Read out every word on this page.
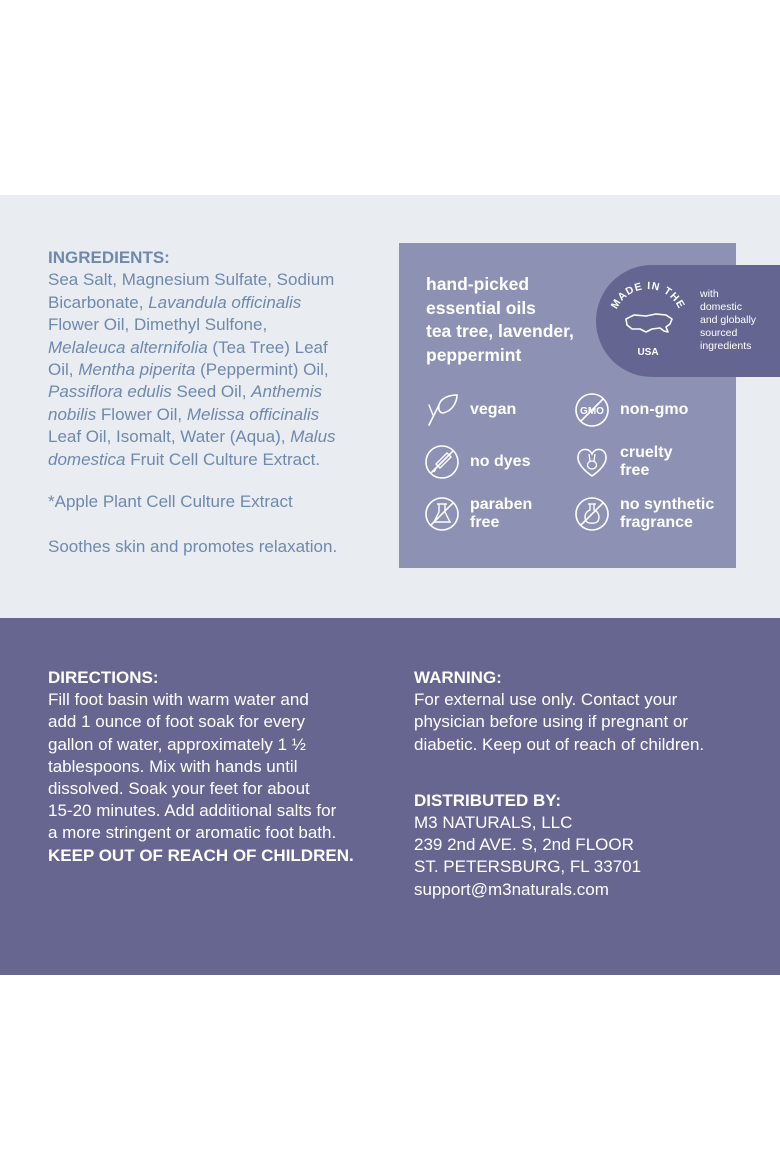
INGREDIENTS:
Sea Salt, Magnesium Sulfate, Sodium
Bicarbonate, Lavandula officinalis
Flower Oil, Dimethyl Sulfone,
Melaleuca alternifolia (Tea Tree) Leaf
Oil, Mentha piperita (Peppermint) Oil,
Passiflora edulis Seed Oil, Anthemis
nobilis Flower Oil, Melissa officinalis
Leaf Oil, Isomalt, Water (Aqua), Malus
domestica Fruit Cell Culture Extract.

*Apple Plant Cell Culture Extract

Soothes skin and promotes relaxation.

hand-picked
essential oils
tea tree, lavender,
peppermint
MADE IN THE
USA
with
domestic
and globally
sourced
ingredients
vegan	GMO non-gmo
no dyes
cruelty
free
paraben
free
no synthetic
fragrance
DIRECTIONS:
Fill foot basin with warm water and
add 1 ounce of foot soak for every
gallon of water, approximately 1 ½
tablespoons. Mix with hands until
dissolved. Soak your feet for about
15-20 minutes. Add additional salts for
a more stringent or aromatic foot bath.

KEEP OUT OF REACH OF CHILDREN.

WARNING:
For external use only. Contact your
physician before using if pregnant or
diabetic. Keep out of reach of children.
DISTRIBUTED BY:
M3 NATURALS, LLC
239 2nd AVE. S, 2nd FLOOR
ST. PETERSBURG, FL 33701
support@m3naturals.com
